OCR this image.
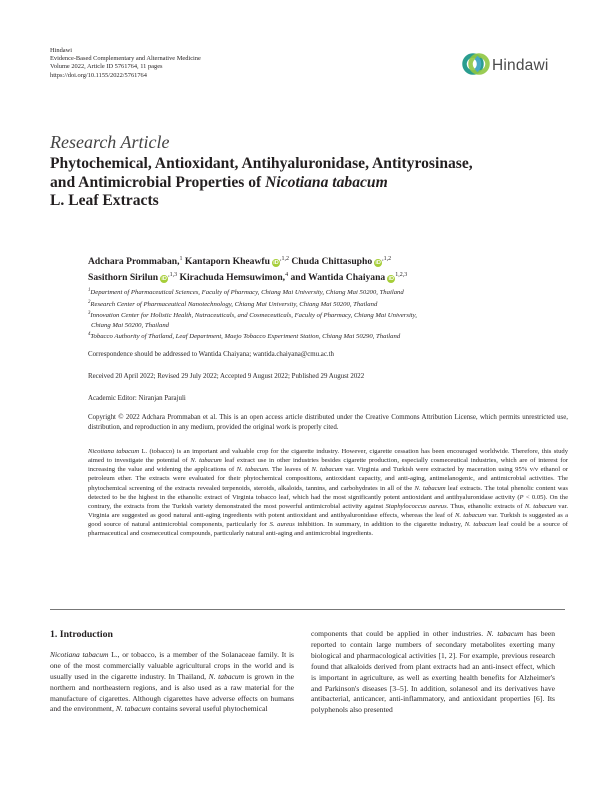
Hindawi
Evidence-Based Complementary and Alternative Medicine
Volume 2022, Article ID 5761764, 11 pages
https://doi.org/10.1155/2022/5761764
Hindawi
Research Article
Phytochemical, Antioxidant, Antihyaluronidase, Antityrosinase,
and Antimicrobial Properties of Nicotiana tabacum
L. Leaf Extracts
Adchara Prommaban,$^1$ Kantaporn Kheawfu $iD^{,1,2}$ Chuda Chittasupho $iD^{,1,2}$
Sasithorn Sirilun $iD^{,1,3}$ Kirachuda Hemsuwimon,$^4$ and Wantida Chaiyana iD$^{1,2,3}$
$^1$Department of Pharmaceutical Sciences, Faculty of Pharmacy, Chiang Mai University, Chiang Mai 50200, Thailand
$^2$Research Center of Pharmaceutical Nanotechnology, Chiang Mai University, Chiang Mai 50200, Thailand
$^3$Innovation Center for Holistic Health, Nutraceuticals, and Cosmeceuticals, Faculty of Pharmacy, Chiang Mai University,
Chiang Mai 50200, Thailand
$^4$Tobacco Authority of Thailand, Leaf Department, Maejo Tobacco Experiment Station, Chiang Mai 50290, Thailand
Correspondence should be addressed to Wantida Chaiyana; wantida.chaiyana@cmu.ac.th
Received 20 April 2022; Revised 29 July 2022; Accepted 9 August 2022; Published 29 August 2022
Academic Editor: Niranjan Parajuli
Copyright © 2022 Adchara Prommaban et al. This is an open access article distributed under the Creative Commons Attribution License, which permits unrestricted use, distribution, and reproduction in any medium, provided the original work is properly cited.
Nicotiana tabacum L. (tobacco) is an important and valuable crop for the cigarette industry. However, cigarette cessation has been encouraged worldwide. Therefore, this study aimed to investigate the potential of N. tabacum leaf extract use in other industries besides cigarette production, especially cosmeceutical industries, which are of interest for increasing the value and widening the applications of N. tabacum. The leaves of N. tabacum var. Virginia and Turkish were extracted by maceration using 95% v/v ethanol or petroleum ether. The extracts were evaluated for their phytochemical compositions, antioxidant capacity, and anti-aging, antimelanogenic, and antimicrobial activities. The phytochemical screening of the extracts revealed terpenoids, steroids, alkaloids, tannins, and carbohydrates in all of the N. tabacum leaf extracts. The total phenolic content was detected to be the highest in the ethanolic extract of Virginia tobacco leaf, which had the most significantly potent antioxidant and antihyaluronidase activity (P < 0.05). On the contrary, the extracts from the Turkish variety demonstrated the most powerful antimicrobial activity against Staphylococcus aureus. Thus, ethanolic extracts of N. tabacum var. Virginia are suggested as good natural anti-aging ingredients with potent antioxidant and antihyaluronidase effects, whereas the leaf of N. tabacum var. Turkish is suggested as a good source of natural antimicrobial components, particularly for S. aureus inhibition. In summary, in addition to the cigarette industry, N. tabacum leaf could be a source of pharmaceutical and cosmeceutical compounds, particularly natural anti-aging and antimicrobial ingredients.
1. Introduction

Nicotiana tabacum L., or tobacco, is a member of the Solanaceae family. It is one of the most commercially valuable agricultural crops in the world and is usually used in the cigarette industry. In Thailand, N. tabacum is grown in the northern and northeastern regions, and is also used as a raw material for the manufacture of cigarettes. Although cigarettes have adverse effects on humans and the environment, N. tabacum contains several useful phytochemical

components that could be applied in other industries. N. tabacum has been reported to contain large numbers of secondary metabolites exerting many biological and pharmacological activities [1, 2]. For example, previous research found that alkaloids derived from plant extracts had an anti-insect effect, which is important in agriculture, as well as exerting health benefits for Alzheimer's and Parkinson's diseases [3–5]. In addition, solanesol and its derivatives have antibacterial, anticancer, anti-inflammatory, and antioxidant properties [6]. Its polyphenols also presented
